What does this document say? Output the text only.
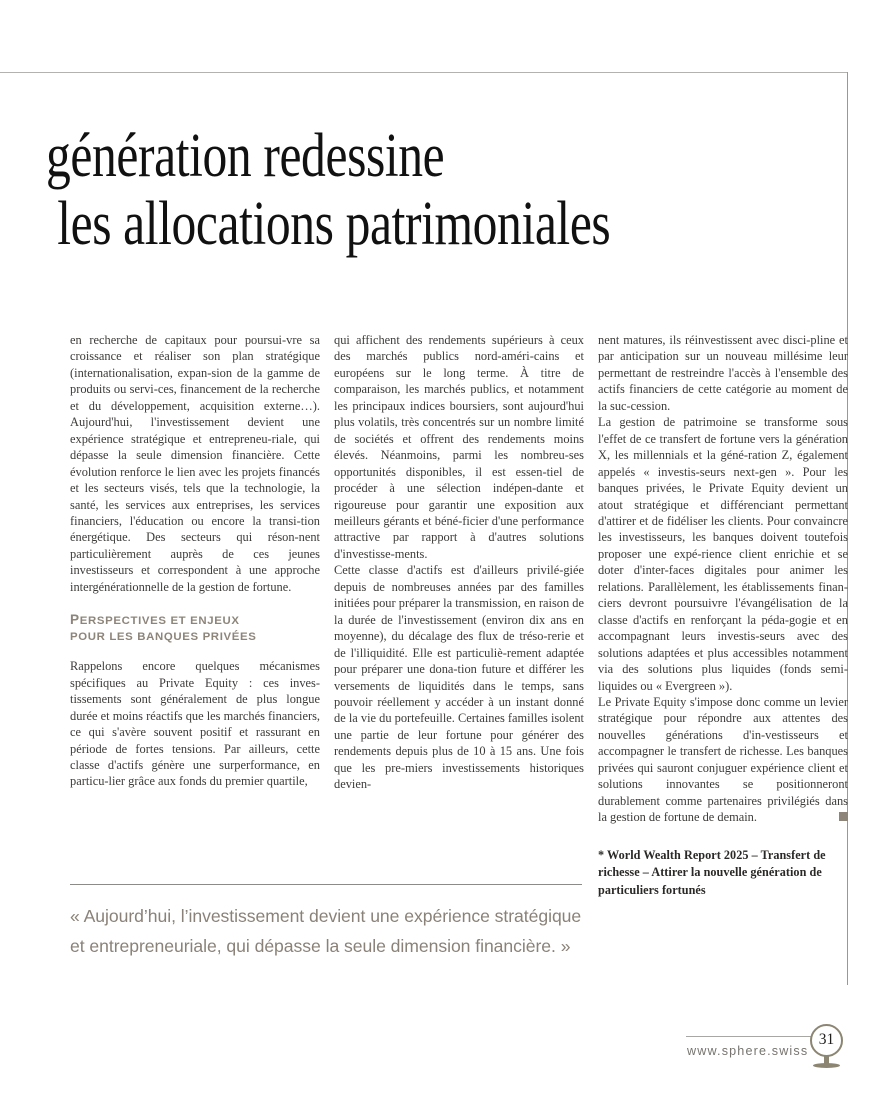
génération redessine
les allocations patrimoniales

en recherche de capitaux pour poursui-vre sa croissance et réaliser son plan stratégique (internationalisation, expan-sion de la gamme de produits ou servi-ces, financement de la recherche et du développement, acquisition externe…). Aujourd'hui, l'investissement devient une expérience stratégique et entrepreneu-riale, qui dépasse la seule dimension financière. Cette évolution renforce le lien avec les projets financés et les secteurs visés, tels que la technologie, la santé, les services aux entreprises, les services financiers, l'éducation ou encore la transi-tion énergétique. Des secteurs qui réson-nent particulièrement auprès de ces jeunes investisseurs et correspondent à une approche intergénérationnelle de la gestion de fortune.

PERSPECTIVES ET ENJEUX
POUR LES BANQUES PRIVÉES

Rappelons encore quelques mécanismes spécifiques au Private Equity : ces inves-tissements sont généralement de plus longue durée et moins réactifs que les marchés financiers, ce qui s'avère souvent positif et rassurant en période de fortes tensions. Par ailleurs, cette classe d'actifs génère une surperformance, en particu-lier grâce aux fonds du premier quartile,

qui affichent des rendements supérieurs à ceux des marchés publics nord-améri-cains et européens sur le long terme. À titre de comparaison, les marchés publics, et notamment les principaux indices boursiers, sont aujourd'hui plus volatils, très concentrés sur un nombre limité de sociétés et offrent des rendements moins élevés. Néanmoins, parmi les nombreu-ses opportunités disponibles, il est essen-tiel de procéder à une sélection indépen-dante et rigoureuse pour garantir une exposition aux meilleurs gérants et béné-ficier d'une performance attractive par rapport à d'autres solutions d'investisse-ments.

Cette classe d'actifs est d'ailleurs privilé-giée depuis de nombreuses années par des familles initiées pour préparer la transmission, en raison de la durée de l'investissement (environ dix ans en moyenne), du décalage des flux de tréso-rerie et de l'illiquidité. Elle est particuliè-rement adaptée pour préparer une dona-tion future et différer les versements de liquidités dans le temps, sans pouvoir réellement y accéder à un instant donné de la vie du portefeuille. Certaines familles isolent une partie de leur fortune pour générer des rendements depuis plus de 10 à 15 ans. Une fois que les pre-miers investissements historiques devien-

nent matures, ils réinvestissent avec disci-pline et par anticipation sur un nouveau millésime leur permettant de restreindre l'accès à l'ensemble des actifs financiers de cette catégorie au moment de la suc-cession.

La gestion de patrimoine se transforme sous l'effet de ce transfert de fortune vers la génération X, les millennials et la géné-ration Z, également appelés « investis-seurs next-gen ». Pour les banques privées, le Private Equity devient un atout stratégique et différenciant permettant d'attirer et de fidéliser les clients. Pour convaincre les investisseurs, les banques doivent toutefois proposer une expé-rience client enrichie et se doter d'inter-faces digitales pour animer les relations. Parallèlement, les établissements finan-ciers devront poursuivre l'évangélisation de la classe d'actifs en renforçant la péda-gogie et en accompagnant leurs investis-seurs avec des solutions adaptées et plus accessibles notamment via des solutions plus liquides (fonds semi-liquides ou « Evergreen »).

Le Private Equity s'impose donc comme un levier stratégique pour répondre aux attentes des nouvelles générations d'in-vestisseurs et accompagner le transfert de richesse. Les banques privées qui sauront conjuguer expérience client et solutions innovantes se positionneront durablement comme partenaires privilégiés dans la gestion de fortune de demain.

* World Wealth Report 2025 – Transfert de richesse – Attirer la nouvelle génération de particuliers fortunés
« Aujourd’hui, l’investissement devient une expérience stratégique et entrepreneuriale, qui dépasse la seule dimension financière. »
www.sphere.swiss
31
